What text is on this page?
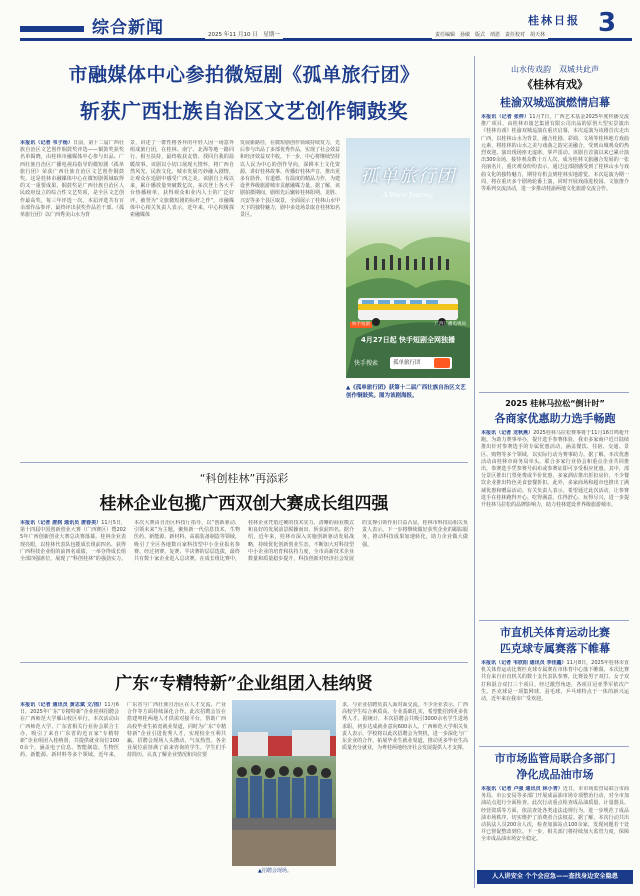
综合新闻	2025 年11 月10 日　星期一
桂林日报 3
责任编辑　孙敏　版式　靖恩　责任校对　胡天林
市融媒体中心参拍微短剧《孤单旅行团》
斩获广西壮族自治区文艺创作铜鼓奖
本报讯（记者 韦子杨）日前，第十二届广西壮族自治区文艺创作铜鼓奖评选——铜鼓奖获奖名单揭晓，由桂林市融媒体中心参与出品、广西壮族自治区广播电视局指导的微短剧《孤单旅行团》荣获广西壮族自治区文艺创作铜鼓奖。这是桂林市融媒体中心在微短剧领域取得的又一重要成果。铜鼓奖是广西壮族自治区人民政府设立的综合性文艺奖项，是全区文艺创作最高奖，每三年评选一次。本届评选共有百余部作品参评，最终评出获奖作品若干部。《孤单旅行团》以广西秀美山水为背
景，讲述了一群性格各异的年轻人因一场意外组成旅行团，在桂林、南宁、北海等地一路同行、相互扶持，最终收获友情、找回自我的温暖故事。该剧以小切口展现大情怀，将广西自然风光、民族文化、城市发展巧妙融入剧情，让观众在追剧中感受广西之美。该剧自上线以来，累计播放量突破数亿次，多次登上各大平台热播榜单，获得观众和业内人士的广泛好评，被誉为“文旅微短剧的标杆之作”。市融媒体中心相关负责人表示，近年来，中心积极探索融媒体
发展新路径，在微短剧创作领域持续发力，先后参与出品了多部优秀作品，实现了社会效益和经济效益双丰收。下一步，中心将继续坚持以人民为中心的创作导向，深耕本土文化资源，讲好桂林故事、传播好桂林声音，推出更多有筋骨、有道德、有温度的精品力作，为建设世界级旅游城市贡献融媒力量。据了解，该剧拍摄期间，剧组先后辗转桂林阳朔、龙胜、兴安等多个县区取景，全面展示了桂林山水甲天下的独特魅力，剧中多处场景取自桂林知名景区。
孤单旅行团
A Warm Journey
4月27日起 快手短剧全网独播
快手搜索	孤单旅行团
快手短剧	广西广播电视局
▲《孤单旅行团》获第十二届广西壮族自治区文艺创作铜鼓奖。图为该剧海报。
“科创桂林”再添彩
桂林企业包揽广西双创大赛成长组四强
本报讯（记者 唐润 通讯员 唐春美）11月5日，第十四届中国创新创业大赛（广西赛区）暨2025年广西创新创业大赛总决赛落幕。桂林企业表现亮眼，以桂林代表队包揽成长组前四名、获得广西科技企业组的前四名成绩，一举夺得成长组全部四强席位，展现了“科创桂林”的强劲实力。本次大赛由自治区科技厅指导，以“创新驱动、引领未来”为主题，聚焦新一代信息技术、生物医药、新能源、新材料、高端装备制造等领域，吸引了全区各地数百家科技型中小企业报名参赛。经过初赛、复赛、半决赛的层层选拔，最终共有数十家企业进入总决赛。在成长组比赛中，桂林企业凭借过硬的技术实力、清晰的商业模式和良好的发展前景脱颖而出，斩获前四名。据介绍，近年来，桂林市深入实施创新驱动发展战略，持续优化创新创业生态，不断加大对科技型中小企业的培育和扶持力度，全市高新技术企业数量和质量稳步提升，科技创新对经济社会发展的支撑引领作用日益凸显。桂林市科技局相关负责人表示，下一步将继续做好获奖企业的跟踪服务，推动科技成果加速转化，助力企业做大做强。
广东“专精特新”企业组团入桂纳贤
本报讯（记者 通讯员 黄志斌 文/图）11月6日，2025年广东“专精特新”企业桂林招聘会在广西师范大学雁山校区举行。本次活动由广西师范大学、广东省相关行业协会联合主办，吸引了来自广东省的近百家“专精特新”企业组团入桂纳贤，共提供就业岗位1000余个，涵盖电子信息、智能制造、生物医药、新能源、新材料等多个领域。近年来，广东省与广西壮族自治区在人才交流、产业合作等方面持续深化合作。此次招聘会旨在搭建粤桂两地人才供需对接平台，帮助广西高校毕业生拓宽就业渠道，同时为广东“专精特新”企业引进优秀人才，实现校企互利共赢。招聘会现场人头攒动，气氛热烈。各企业展位前挤满了前来咨询的学生，学生们手持简历，认真了解企业情况和岗位要
▲招聘会现场。
求，与企业招聘负责人面对面交流。不少企业表示，广西高校学生综合素质高、专业基础扎实，希望能招到更多优秀人才。据统计，本次招聘会共吸引3000余名学生进场求职，初步达成就业意向600余人。广西师范大学相关负责人表示，学校将以此次招聘会为契机，进一步深化与广东企业的合作，拓展毕业生就业渠道，推动更多毕业生高质量充分就业，为粤桂两地经济社会发展提供人才支撑。
山水传戏韵　双城共此声
《桂林有戏》
桂渝双城巡演燃情启幕
本报讯（记者 张梓）11月7日，广西艺术基金2025年度传播交流推广项目、由桂林市演艺集团有限公司出品的原创大型实景演出《桂林有戏》桂渝双城巡演在重庆启幕，本次巡演为该剧首次走出广西，以桂林山水为背景，融合桂剧、彩调、文场等桂林地方戏曲元素，将桂林的山水之美与戏曲之韵完美融合，受到山城观众的热烈欢迎。演出现场座无虚席，掌声雷动。该剧自首演以来已累计演出300余场，接待观众数十万人次，成为桂林文旅融合发展的一张亮丽名片，重庆观众纷纷表示，通过这部剧感受到了桂林山水与戏曲文化的独特魅力，期待有机会到桂林实地游览。本次巡演为期一周，将在重庆多个剧场轮番上演，同时开展戏曲进校园、文旅推介等系列交流活动，进一步推动桂渝两地文化旅游交流合作。
2025 桂林马拉松“倒计时”
各商家优惠助力选手畅跑
本报讯（记者 龙秋燕）2025桂林马拉松赛事将于11月16日鸣枪开跑。为助力赛事举办，提升选手参赛体验，我市多家商户近日陆续推出针对参赛选手的专属优惠活动，涵盖餐饮、住宿、交通、景区、购物等多个领域，以实际行动为赛事助力。据了解，本次优惠活动由桂林市商务局牵头，联合多家行业协会和重点企业共同推出，参赛选手凭参赛号码布或参赛证即可享受相应优惠。其中，部分景区推出门票免费或半价优惠，多家酒店推出折扣房价，不少餐饮企业推出特色美食套餐折扣。此外，多家商场和超市也推出了满减优惠和赠品活动。有关负责人表示，希望通过此次活动，让参赛选手在桂林跑得开心、吃得满意、住得舒心、玩得尽兴，进一步提升桂林马拉松的品牌影响力，助力桂林建设世界级旅游城市。
市直机关体育运动比赛
匹克球专属赛落下帷幕
本报讯（记者 韦欣阳 通讯员 李佳鑫）11月8日，2025年桂林市直机关体育运动比赛匹克球专属赛在市体育中心落下帷幕。本次比赛共有来自市直机关的数十支代表队参赛，比赛设男子双打、女子双打和混合双打三个项目。经过激烈角逐，各项目冠亚季军依次产生。匹克球是一项集网球、羽毛球、乒乓球特点于一体的新兴运动，近年来在我市广受欢迎。
市市场监管局联合多部门
净化成品油市场
本报讯（记者 卢强 通讯员 林小青）近日，市市场监管局联合市商务局、市公安局等多部门开展成品油市场专项整治行动，对全市加油站点进行全面检查。此次行动重点检查成品油质量、计量器具、经营资质等方面，依法查处各类违法违规行为，进一步规范了成品油市场秩序，切实维护了消费者合法权益。据了解，本次行动共出动执法人员200余人次，检查加油站点100余家，发现问题若干处并已督促整改到位。下一步，相关部门将持续加大监管力度，保障全市成品油市场安全稳定。
人人讲安全 个个会应急——查找身边安全隐患
